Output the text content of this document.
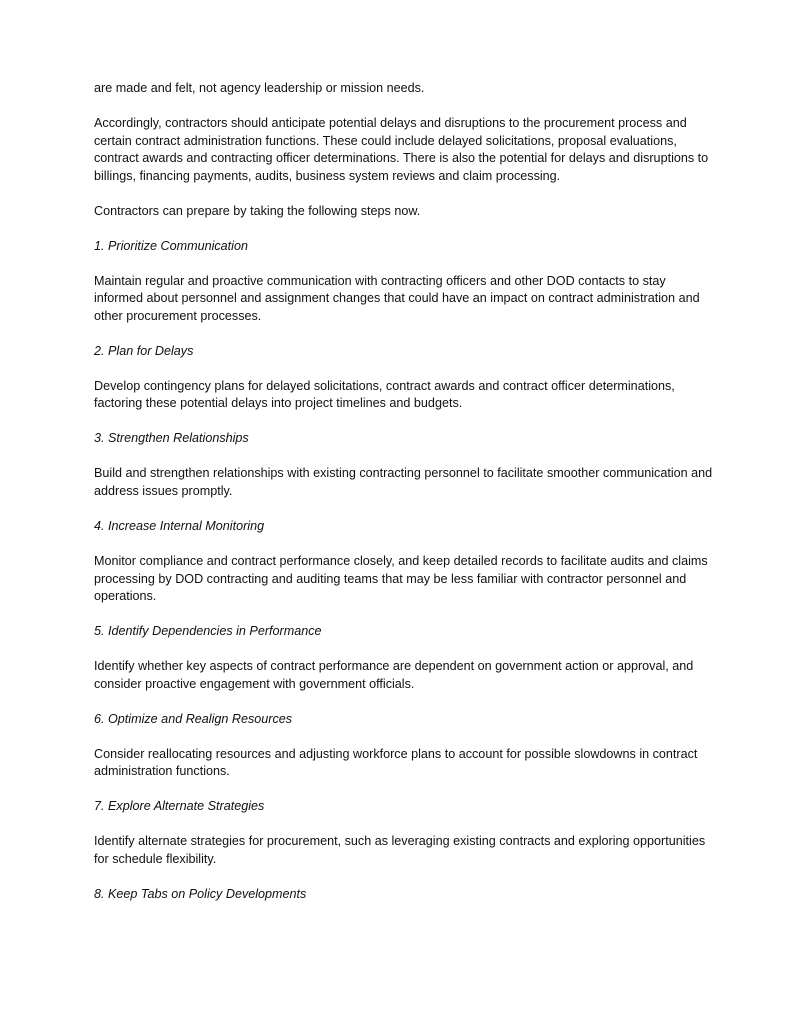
are made and felt, not agency leadership or mission needs.

Accordingly, contractors should anticipate potential delays and disruptions to the procurement process and certain contract administration functions. These could include delayed solicitations, proposal evaluations, contract awards and contracting officer determinations. There is also the potential for delays and disruptions to billings, financing payments, audits, business system reviews and claim processing.

Contractors can prepare by taking the following steps now.

1. Prioritize Communication

Maintain regular and proactive communication with contracting officers and other DOD contacts to stay informed about personnel and assignment changes that could have an impact on contract administration and other procurement processes.

2. Plan for Delays

Develop contingency plans for delayed solicitations, contract awards and contract officer determinations, factoring these potential delays into project timelines and budgets.

3. Strengthen Relationships

Build and strengthen relationships with existing contracting personnel to facilitate smoother communication and address issues promptly.

4. Increase Internal Monitoring

Monitor compliance and contract performance closely, and keep detailed records to facilitate audits and claims processing by DOD contracting and auditing teams that may be less familiar with contractor personnel and operations.

5. Identify Dependencies in Performance

Identify whether key aspects of contract performance are dependent on government action or approval, and consider proactive engagement with government officials.

6. Optimize and Realign Resources

Consider reallocating resources and adjusting workforce plans to account for possible slowdowns in contract administration functions.

7. Explore Alternate Strategies

Identify alternate strategies for procurement, such as leveraging existing contracts and exploring opportunities for schedule flexibility.

8. Keep Tabs on Policy Developments
